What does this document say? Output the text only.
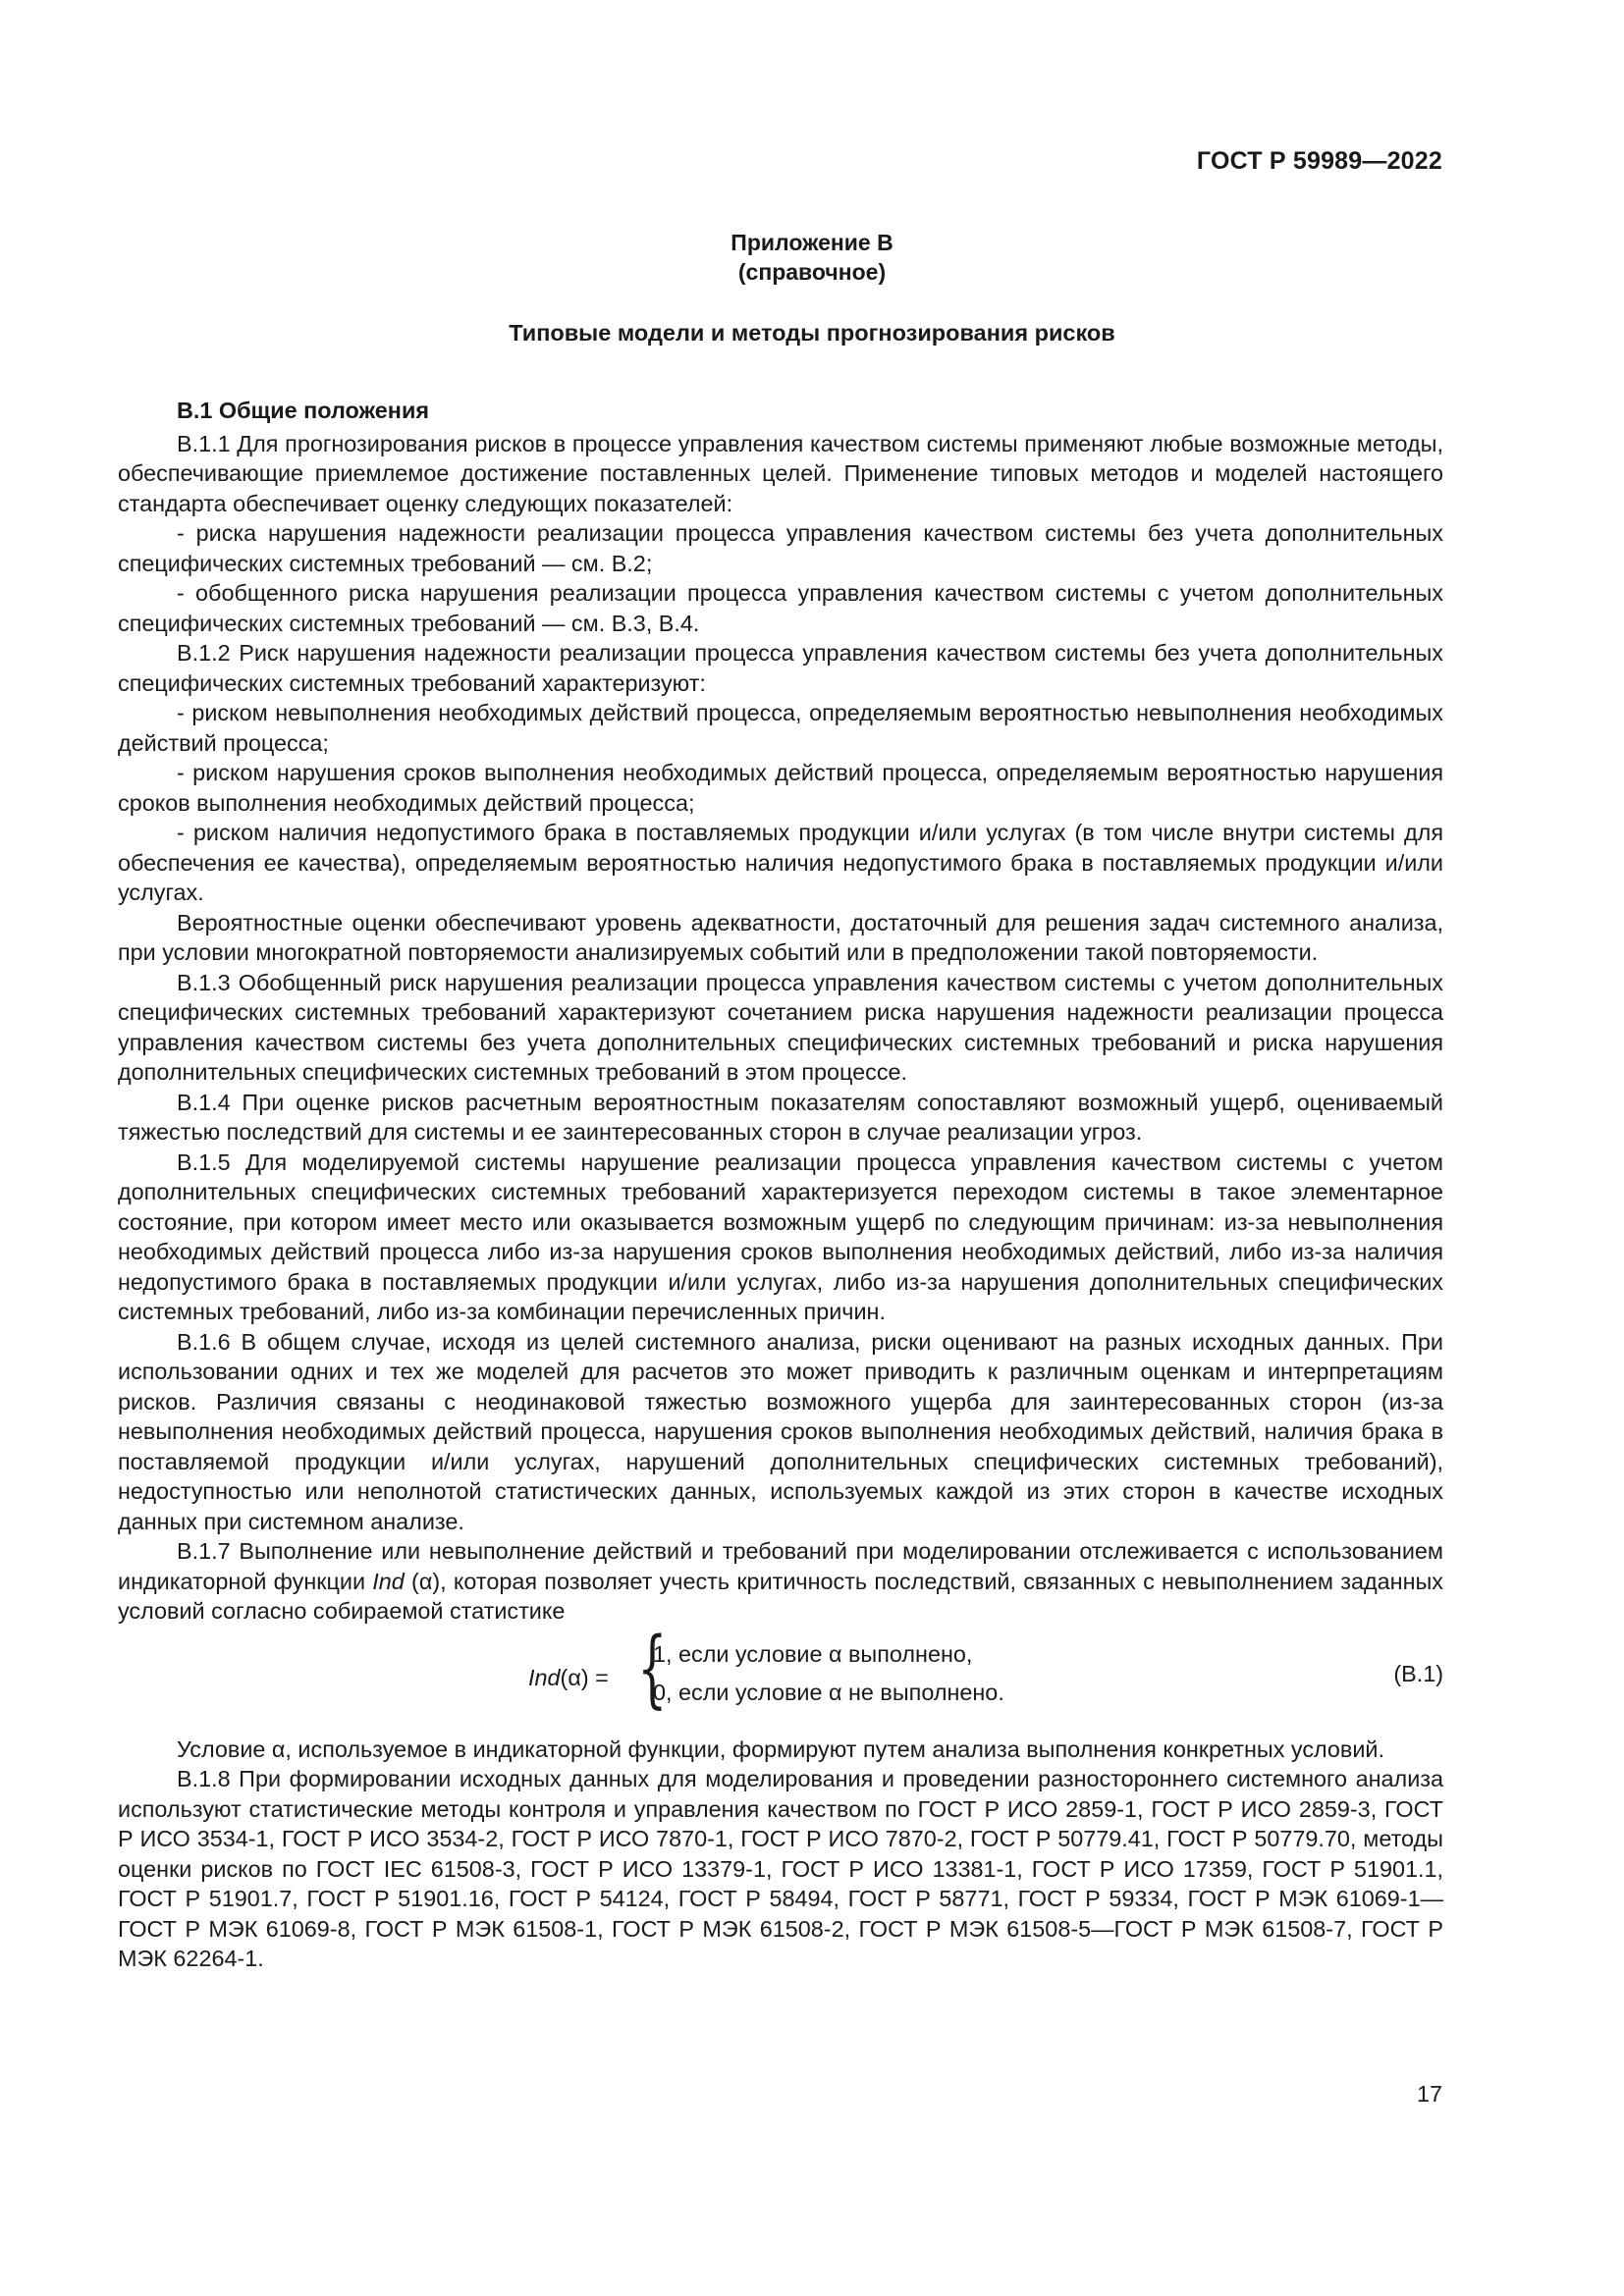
ГОСТ Р 59989—2022
Приложение В
(справочное)
Типовые модели и методы прогнозирования рисков

В.1 Общие положения

В.1.1 Для прогнозирования рисков в процессе управления качеством системы применяют любые возможные методы, обеспечивающие приемлемое достижение поставленных целей. Применение типовых методов и моделей настоящего стандарта обеспечивает оценку следующих показателей:

- риска нарушения надежности реализации процесса управления качеством системы без учета дополнительных специфических системных требований — см. В.2;

- обобщенного риска нарушения реализации процесса управления качеством системы с учетом дополнительных специфических системных требований — см. В.3, В.4.

В.1.2 Риск нарушения надежности реализации процесса управления качеством системы без учета дополнительных специфических системных требований характеризуют:

- риском невыполнения необходимых действий процесса, определяемым вероятностью невыполнения необходимых действий процесса;

- риском нарушения сроков выполнения необходимых действий процесса, определяемым вероятностью нарушения сроков выполнения необходимых действий процесса;

- риском наличия недопустимого брака в поставляемых продукции и/или услугах (в том числе внутри системы для обеспечения ее качества), определяемым вероятностью наличия недопустимого брака в поставляемых продукции и/или услугах.

Вероятностные оценки обеспечивают уровень адекватности, достаточный для решения задач системного анализа, при условии многократной повторяемости анализируемых событий или в предположении такой повторяемости.

В.1.3 Обобщенный риск нарушения реализации процесса управления качеством системы с учетом дополнительных специфических системных требований характеризуют сочетанием риска нарушения надежности реализации процесса управления качеством системы без учета дополнительных специфических системных требований и риска нарушения дополнительных специфических системных требований в этом процессе.

В.1.4 При оценке рисков расчетным вероятностным показателям сопоставляют возможный ущерб, оцениваемый тяжестью последствий для системы и ее заинтересованных сторон в случае реализации угроз.

В.1.5 Для моделируемой системы нарушение реализации процесса управления качеством системы с учетом дополнительных специфических системных требований характеризуется переходом системы в такое элементарное состояние, при котором имеет место или оказывается возможным ущерб по следующим причинам: из-за невыполнения необходимых действий процесса либо из-за нарушения сроков выполнения необходимых действий, либо из-за наличия недопустимого брака в поставляемых продукции и/или услугах, либо из-за нарушения дополнительных специфических системных требований, либо из-за комбинации перечисленных причин.

В.1.6 В общем случае, исходя из целей системного анализа, риски оценивают на разных исходных данных. При использовании одних и тех же моделей для расчетов это может приводить к различным оценкам и интерпретациям рисков. Различия связаны с неодинаковой тяжестью возможного ущерба для заинтересованных сторон (из-за невыполнения необходимых действий процесса, нарушения сроков выполнения необходимых действий, наличия брака в поставляемой продукции и/или услугах, нарушений дополнительных специфических системных требований), недоступностью или неполнотой статистических данных, используемых каждой из этих сторон в качестве исходных данных при системном анализе.

В.1.7 Выполнение или невыполнение действий и требований при моделировании отслеживается с использованием индикаторной функции Ind (α), которая позволяет учесть критичность последствий, связанных с невыполнением заданных условий согласно собираемой статистике

Ind(α) = {
1, если условие α выполнено,
0, если условие α не выполнено.
(В.1)

Условие α, используемое в индикаторной функции, формируют путем анализа выполнения конкретных условий.

В.1.8 При формировании исходных данных для моделирования и проведении разностороннего системного анализа используют статистические методы контроля и управления качеством по ГОСТ Р ИСО 2859-1, ГОСТ Р ИСО 2859-3, ГОСТ Р ИСО 3534-1, ГОСТ Р ИСО 3534-2, ГОСТ Р ИСО 7870-1, ГОСТ Р ИСО 7870-2, ГОСТ Р 50779.41, ГОСТ Р 50779.70, методы оценки рисков по ГОСТ IEC 61508-3, ГОСТ Р ИСО 13379-1, ГОСТ Р ИСО 13381-1, ГОСТ Р ИСО 17359, ГОСТ Р 51901.1, ГОСТ Р 51901.7, ГОСТ Р 51901.16, ГОСТ Р 54124, ГОСТ Р 58494, ГОСТ Р 58771, ГОСТ Р 59334, ГОСТ Р МЭК 61069-1—ГОСТ Р МЭК 61069-8, ГОСТ Р МЭК 61508-1, ГОСТ Р МЭК 61508-2, ГОСТ Р МЭК 61508-5—ГОСТ Р МЭК 61508-7, ГОСТ Р МЭК 62264-1.

17
